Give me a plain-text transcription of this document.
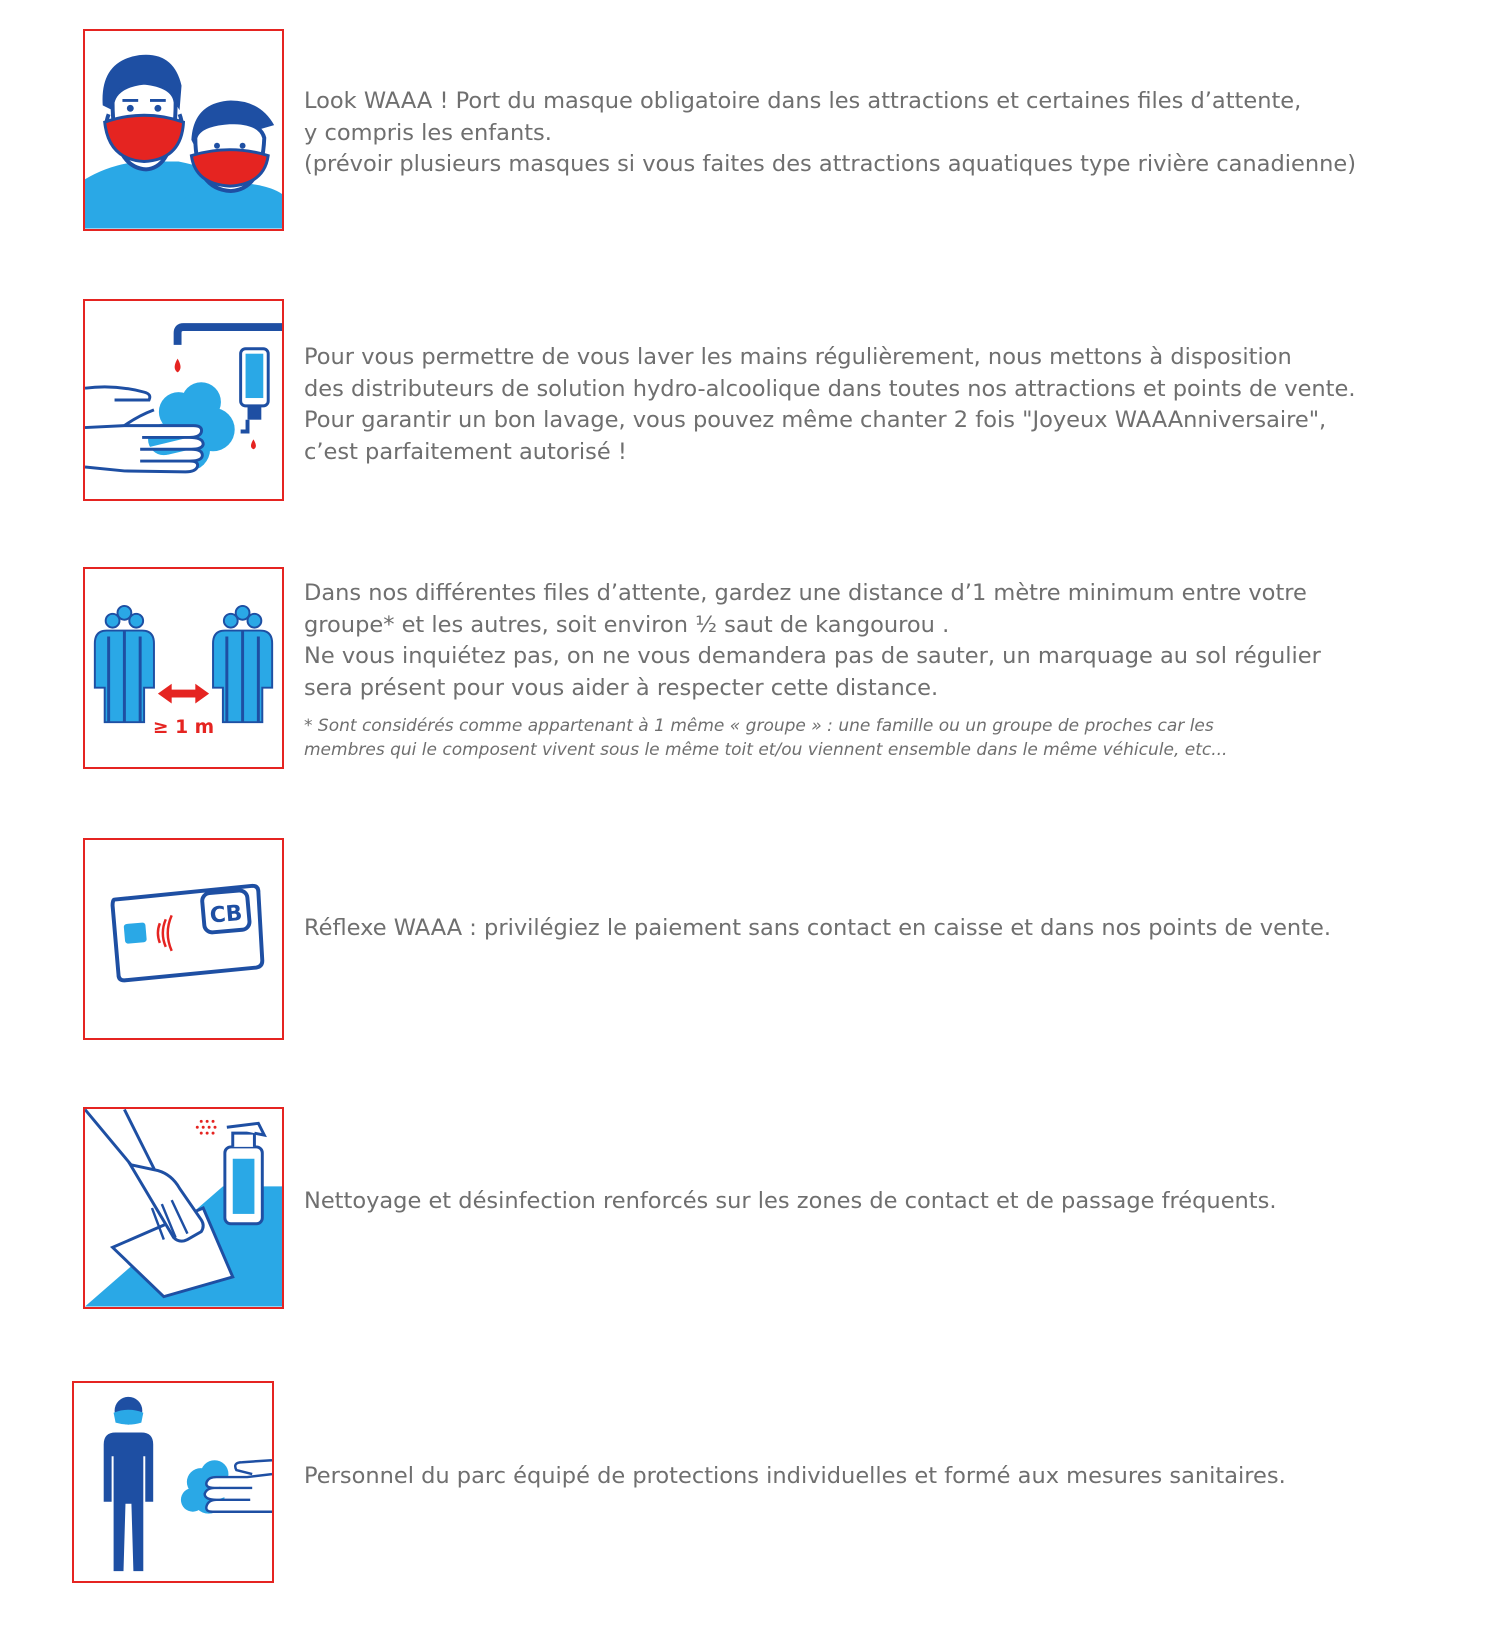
Look WAAA ! Port du masque obligatoire dans les attractions et certaines files d’attente,
y compris les enfants.
(prévoir plusieurs masques si vous faites des attractions aquatiques type rivière canadienne)
Pour vous permettre de vous laver les mains régulièrement, nous mettons à disposition
des distributeurs de solution hydro-alcoolique dans toutes nos attractions et points de vente.
Pour garantir un bon lavage, vous pouvez même chanter 2 fois "Joyeux WAAAnniversaire",
c’est parfaitement autorisé !
≥ 1 m
Dans nos différentes files d’attente, gardez une distance d’1 mètre minimum entre votre
groupe* et les autres, soit environ ½ saut de kangourou .
Ne vous inquiétez pas, on ne vous demandera pas de sauter, un marquage au sol régulier
sera présent pour vous aider à respecter cette distance.
* Sont considérés comme appartenant à 1 même « groupe » : une famille ou un groupe de proches car les
membres qui le composent vivent sous le même toit et/ou viennent ensemble dans le même véhicule, etc...
CB	Réflexe WAAA : privilégiez le paiement sans contact en caisse et dans nos points de vente.
Nettoyage et désinfection renforcés sur les zones de contact et de passage fréquents.
Personnel du parc équipé de protections individuelles et formé aux mesures sanitaires.
